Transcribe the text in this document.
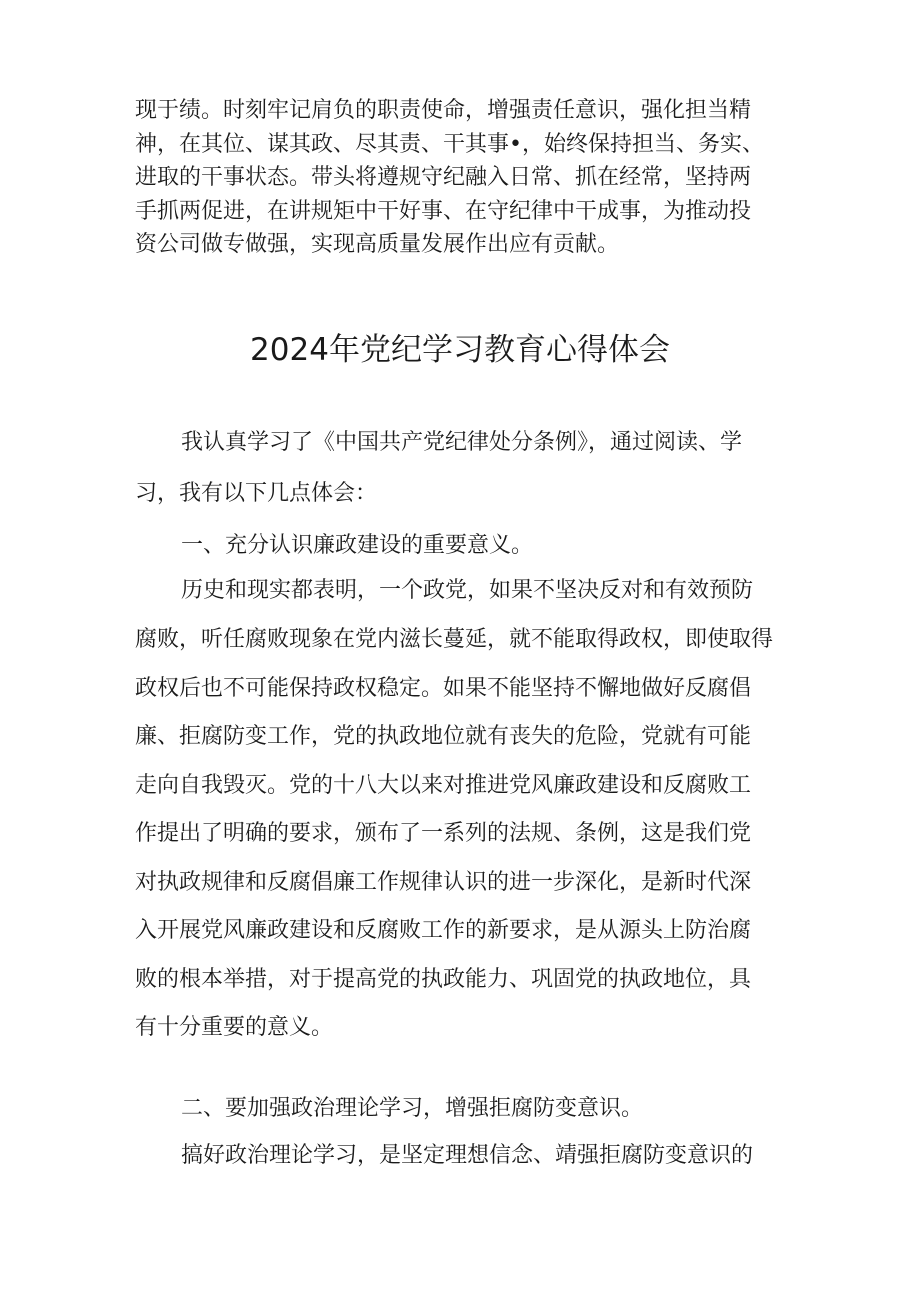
现于绩。时刻牢记肩负的职责使命，增强责任意识，强化担当精
神，在其位、谋其政、尽其责、干其事•，始终保持担当、务实、
进取的干事状态。带头将遵规守纪融入日常、抓在经常，坚持两
手抓两促进，在讲规矩中干好事、在守纪律中干成事，为推动投
资公司做专做强，实现高质量发展作出应有贡献。
2024年党纪学习教育心得体会
我认真学习了《中国共产党纪律处分条例》，通过阅读、学
习，我有以下几点体会：
一、充分认识廉政建设的重要意义。
历史和现实都表明，一个政党，如果不坚决反对和有效预防
腐败，听任腐败现象在党内滋长蔓延，就不能取得政权，即使取得
政权后也不可能保持政权稳定。如果不能坚持不懈地做好反腐倡
廉、拒腐防变工作，党的执政地位就有丧失的危险，党就有可能
走向自我毁灭。党的十八大以来对推进党风廉政建设和反腐败工
作提出了明确的要求，颁布了一系列的法规、条例，这是我们党
对执政规律和反腐倡廉工作规律认识的进一步深化，是新时代深
入开展党风廉政建设和反腐败工作的新要求，是从源头上防治腐
败的根本举措，对于提高党的执政能力、巩固党的执政地位，具
有十分重要的意义。
二、要加强政治理论学习，增强拒腐防变意识。
搞好政治理论学习，是坚定理想信念、靖强拒腐防变意识的
